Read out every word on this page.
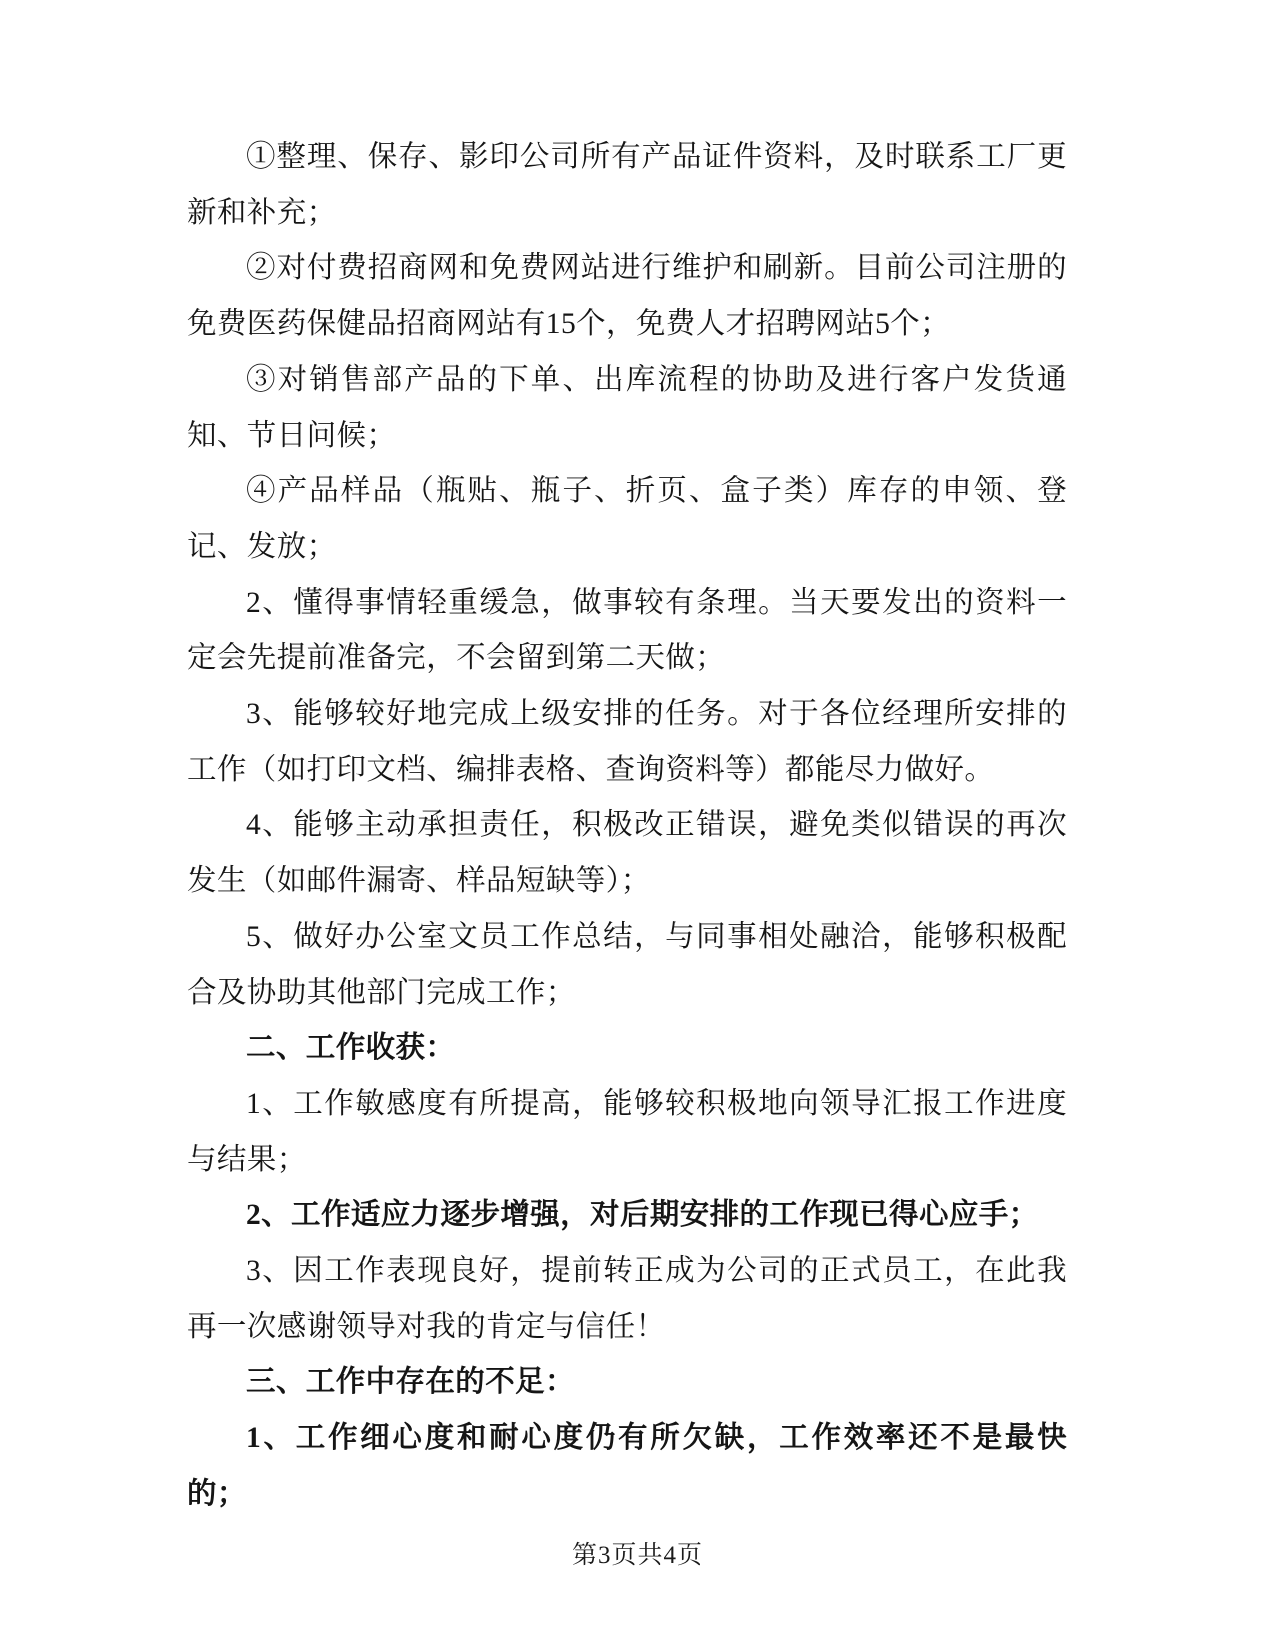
①整理、保存、影印公司所有产品证件资料，及时联系工厂更新和补充；

②对付费招商网和免费网站进行维护和刷新。目前公司注册的免费医药保健品招商网站有15个，免费人才招聘网站5个；

③对销售部产品的下单、出库流程的协助及进行客户发货通知、节日问候；

④产品样品（瓶贴、瓶子、折页、盒子类）库存的申领、登记、发放；

2、懂得事情轻重缓急，做事较有条理。当天要发出的资料一定会先提前准备完，不会留到第二天做；

3、能够较好地完成上级安排的任务。对于各位经理所安排的工作（如打印文档、编排表格、查询资料等）都能尽力做好。

4、能够主动承担责任，积极改正错误，避免类似错误的再次发生（如邮件漏寄、样品短缺等）；

5、做好办公室文员工作总结，与同事相处融洽，能够积极配合及协助其他部门完成工作；

二、工作收获：

1、工作敏感度有所提高，能够较积极地向领导汇报工作进度与结果；

2、工作适应力逐步增强，对后期安排的工作现已得心应手；

3、因工作表现良好，提前转正成为公司的正式员工，在此我再一次感谢领导对我的肯定与信任！

三、工作中存在的不足：

1、工作细心度和耐心度仍有所欠缺，工作效率还不是最快的；

第3页共4页
